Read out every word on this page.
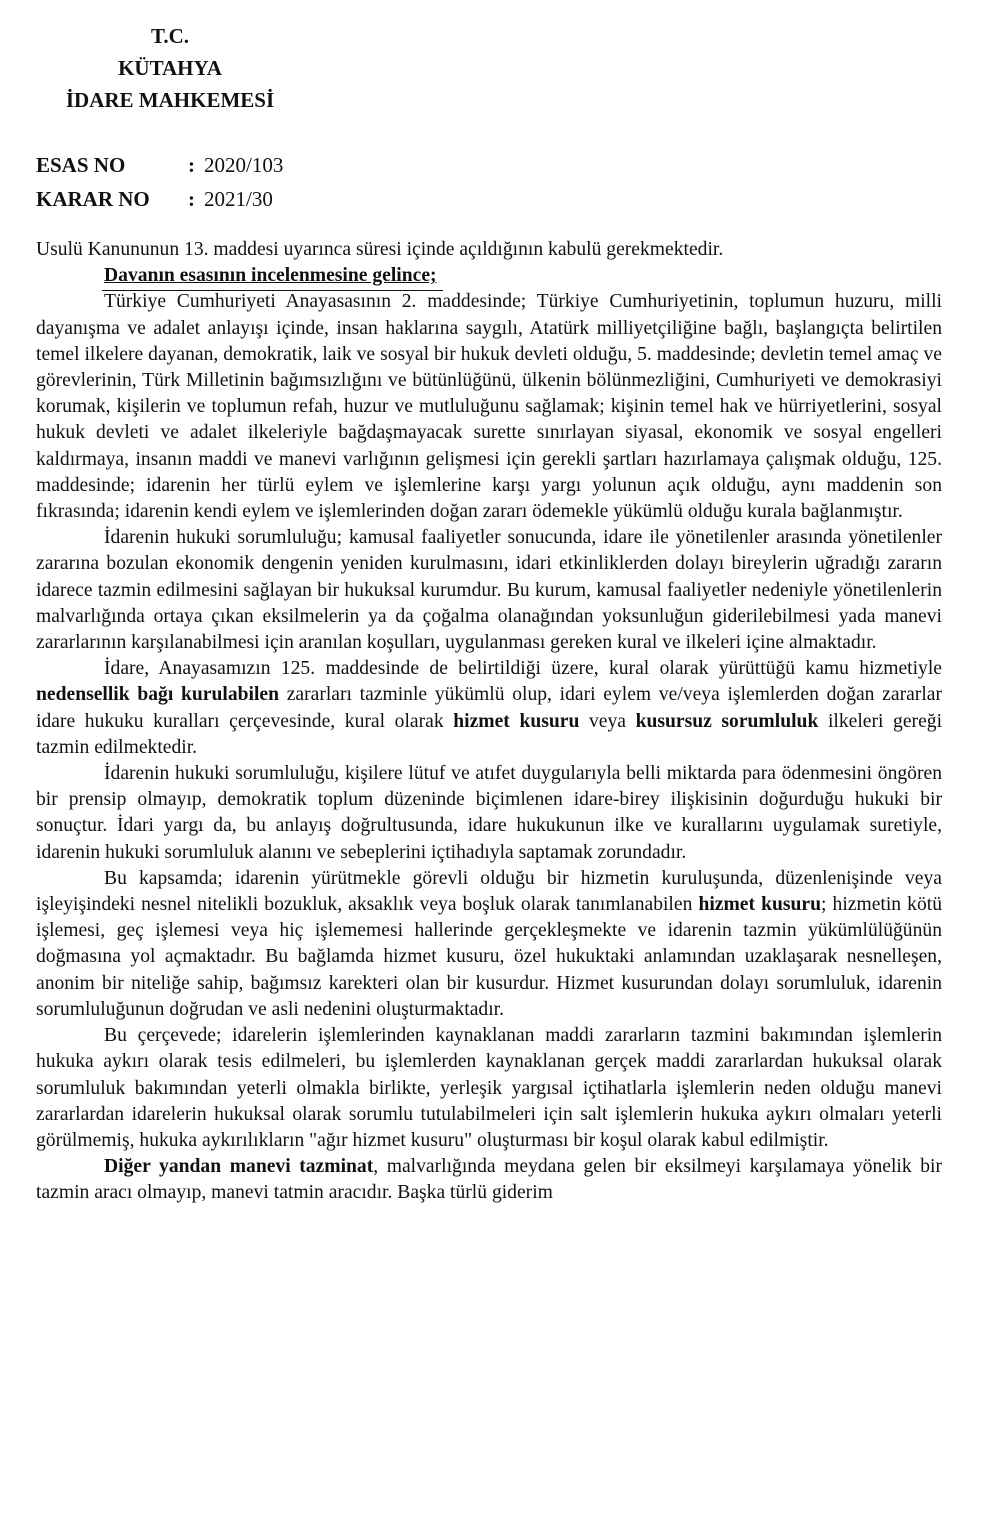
T.C.
KÜTAHYA
İDARE MAHKEMESİ
ESAS NO	: 2020/103
KARAR NO	: 2021/30

Usulü Kanununun 13. maddesi uyarınca süresi içinde açıldığının kabulü gerekmektedir.

Davanın esasının incelenmesine gelince;

Türkiye Cumhuriyeti Anayasasının 2. maddesinde; Türkiye Cumhuriyetinin, toplumun huzuru, milli dayanışma ve adalet anlayışı içinde, insan haklarına saygılı, Atatürk milliyetçiliğine bağlı, başlangıçta belirtilen temel ilkelere dayanan, demokratik, laik ve sosyal bir hukuk devleti olduğu, 5. maddesinde; devletin temel amaç ve görevlerinin, Türk Milletinin bağımsızlığını ve bütünlüğünü, ülkenin bölünmezliğini, Cumhuriyeti ve demokrasiyi korumak, kişilerin ve toplumun refah, huzur ve mutluluğunu sağlamak; kişinin temel hak ve hürriyetlerini, sosyal hukuk devleti ve adalet ilkeleriyle bağdaşmayacak surette sınırlayan siyasal, ekonomik ve sosyal engelleri kaldırmaya, insanın maddi ve manevi varlığının gelişmesi için gerekli şartları hazırlamaya çalışmak olduğu, 125. maddesinde; idarenin her türlü eylem ve işlemlerine karşı yargı yolunun açık olduğu, aynı maddenin son fıkrasında; idarenin kendi eylem ve işlemlerinden doğan zararı ödemekle yükümlü olduğu kurala bağlanmıştır.

İdarenin hukuki sorumluluğu; kamusal faaliyetler sonucunda, idare ile yönetilenler arasında yönetilenler zararına bozulan ekonomik dengenin yeniden kurulmasını, idari etkinliklerden dolayı bireylerin uğradığı zararın idarece tazmin edilmesini sağlayan bir hukuksal kurumdur. Bu kurum, kamusal faaliyetler nedeniyle yönetilenlerin malvarlığında ortaya çıkan eksilmelerin ya da çoğalma olanağından yoksunluğun giderilebilmesi yada manevi zararlarının karşılanabilmesi için aranılan koşulları, uygulanması gereken kural ve ilkeleri içine almaktadır.

İdare, Anayasamızın 125. maddesinde de belirtildiği üzere, kural olarak yürüttüğü kamu hizmetiyle nedensellik bağı kurulabilen zararları tazminle yükümlü olup, idari eylem ve/veya işlemlerden doğan zararlar idare hukuku kuralları çerçevesinde, kural olarak hizmet kusuru veya kusursuz sorumluluk ilkeleri gereği tazmin edilmektedir.

İdarenin hukuki sorumluluğu, kişilere lütuf ve atıfet duygularıyla belli miktarda para ödenmesini öngören bir prensip olmayıp, demokratik toplum düzeninde biçimlenen idare-birey ilişkisinin doğurduğu hukuki bir sonuçtur. İdari yargı da, bu anlayış doğrultusunda, idare hukukunun ilke ve kurallarını uygulamak suretiyle, idarenin hukuki sorumluluk alanını ve sebeplerini içtihadıyla saptamak zorundadır.

Bu kapsamda; idarenin yürütmekle görevli olduğu bir hizmetin kuruluşunda, düzenlenişinde veya işleyişindeki nesnel nitelikli bozukluk, aksaklık veya boşluk olarak tanımlanabilen hizmet kusuru; hizmetin kötü işlemesi, geç işlemesi veya hiç işlememesi hallerinde gerçekleşmekte ve idarenin tazmin yükümlülüğünün doğmasına yol açmaktadır. Bu bağlamda hizmet kusuru, özel hukuktaki anlamından uzaklaşarak nesnelleşen, anonim bir niteliğe sahip, bağımsız karekteri olan bir kusurdur. Hizmet kusurundan dolayı sorumluluk, idarenin sorumluluğunun doğrudan ve asli nedenini oluşturmaktadır.

Bu çerçevede; idarelerin işlemlerinden kaynaklanan maddi zararların tazmini bakımından işlemlerin hukuka aykırı olarak tesis edilmeleri, bu işlemlerden kaynaklanan gerçek maddi zararlardan hukuksal olarak sorumluluk bakımından yeterli olmakla birlikte, yerleşik yargısal içtihatlarla işlemlerin neden olduğu manevi zararlardan idarelerin hukuksal olarak sorumlu tutulabilmeleri için salt işlemlerin hukuka aykırı olmaları yeterli görülmemiş, hukuka aykırılıkların "ağır hizmet kusuru" oluşturması bir koşul olarak kabul edilmiştir.

Diğer yandan manevi tazminat, malvarlığında meydana gelen bir eksilmeyi karşılamaya yönelik bir tazmin aracı olmayıp, manevi tatmin aracıdır. Başka türlü giderim
